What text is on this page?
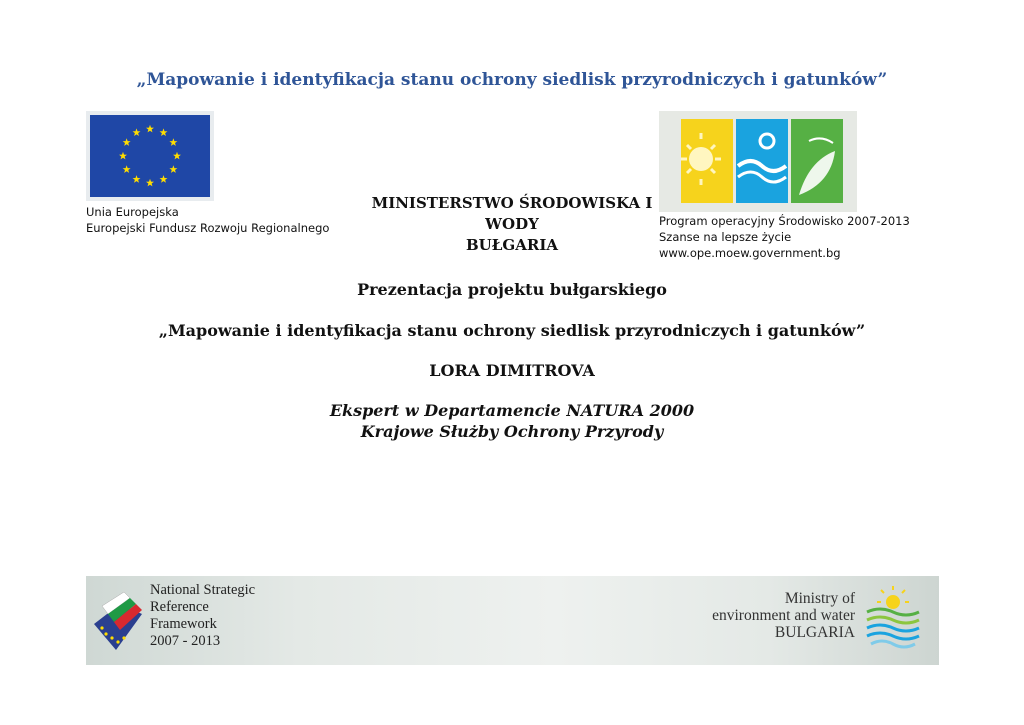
„Mapowanie i identyfikacja stanu ochrony siedlisk przyrodniczych i gatunków”
Unia Europejska
Europejski Fundusz Rozwoju Regionalnego
MINISTERSTWO ŚRODOWISKA I
WODY
BUŁGARIA
Program operacyjny Środowisko 2007-2013
Szanse na lepsze życie
www.ope.moew.government.bg
Prezentacja projektu bułgarskiego
„Mapowanie i identyfikacja stanu ochrony siedlisk przyrodniczych i gatunków”
LORA DIMITROVA
Ekspert w Departamencie NATURA 2000
Krajowe Służby Ochrony Przyrody
National Strategic
Reference
Framework
2007 - 2013
Ministry of
environment and water
BULGARIA
